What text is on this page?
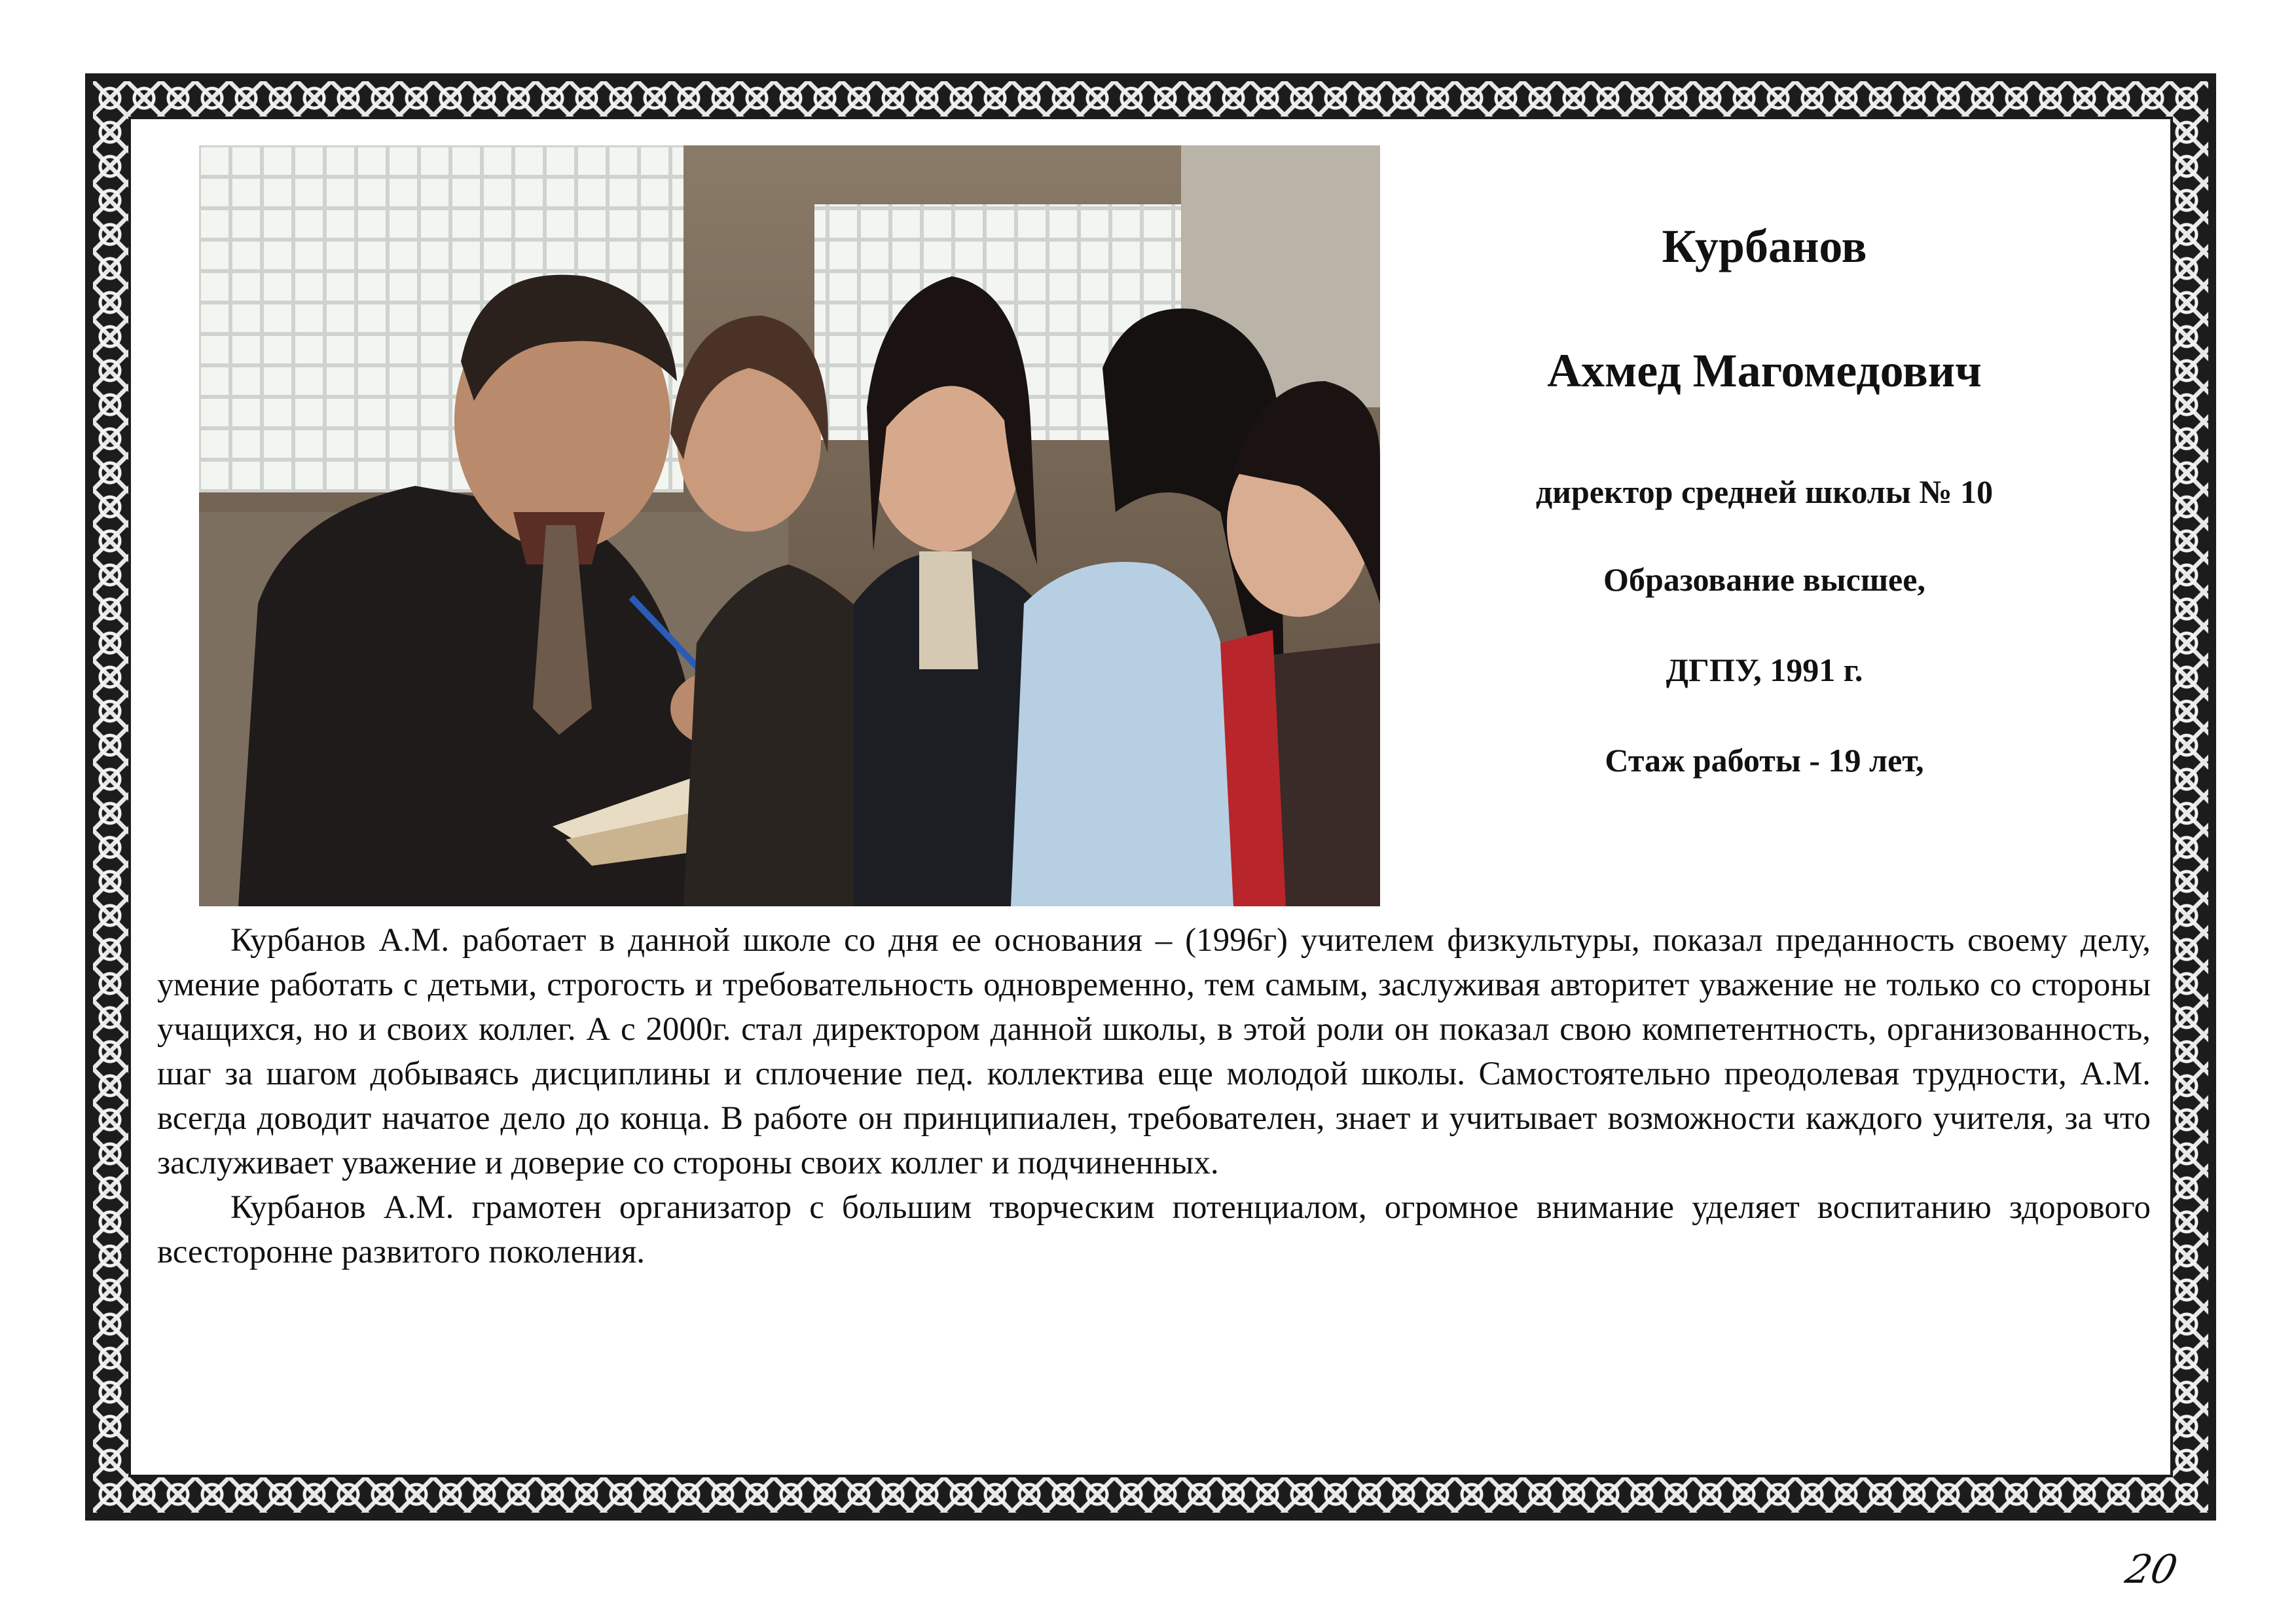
Курбанов
Ахмед Магомедович
директор средней школы № 10
Образование высшее,
ДГПУ, 1991 г.
Стаж работы - 19 лет,

Курбанов А.М. работает в данной школе со дня ее основания – (1996г) учителем физкультуры, показал преданность своему делу, умение работать с детьми, строгость и требовательность одновременно, тем самым, заслуживая авторитет уважение не только со стороны учащихся, но и своих коллег. А с 2000г. стал директором данной школы, в этой роли он показал свою компетентность, организованность, шаг за шагом добываясь дисциплины и сплочение пед. коллектива еще молодой школы. Самостоятельно преодолевая трудности, А.М. всегда доводит начатое дело до конца. В работе он принципиален, требователен, знает и учитывает возможности каждого учителя, за что заслуживает уважение и доверие со стороны своих коллег и подчиненных.

Курбанов А.М. грамотен организатор с большим творческим потенциалом, огромное внимание уделяет воспитанию здорового всесторонне развитого поколения.

20
